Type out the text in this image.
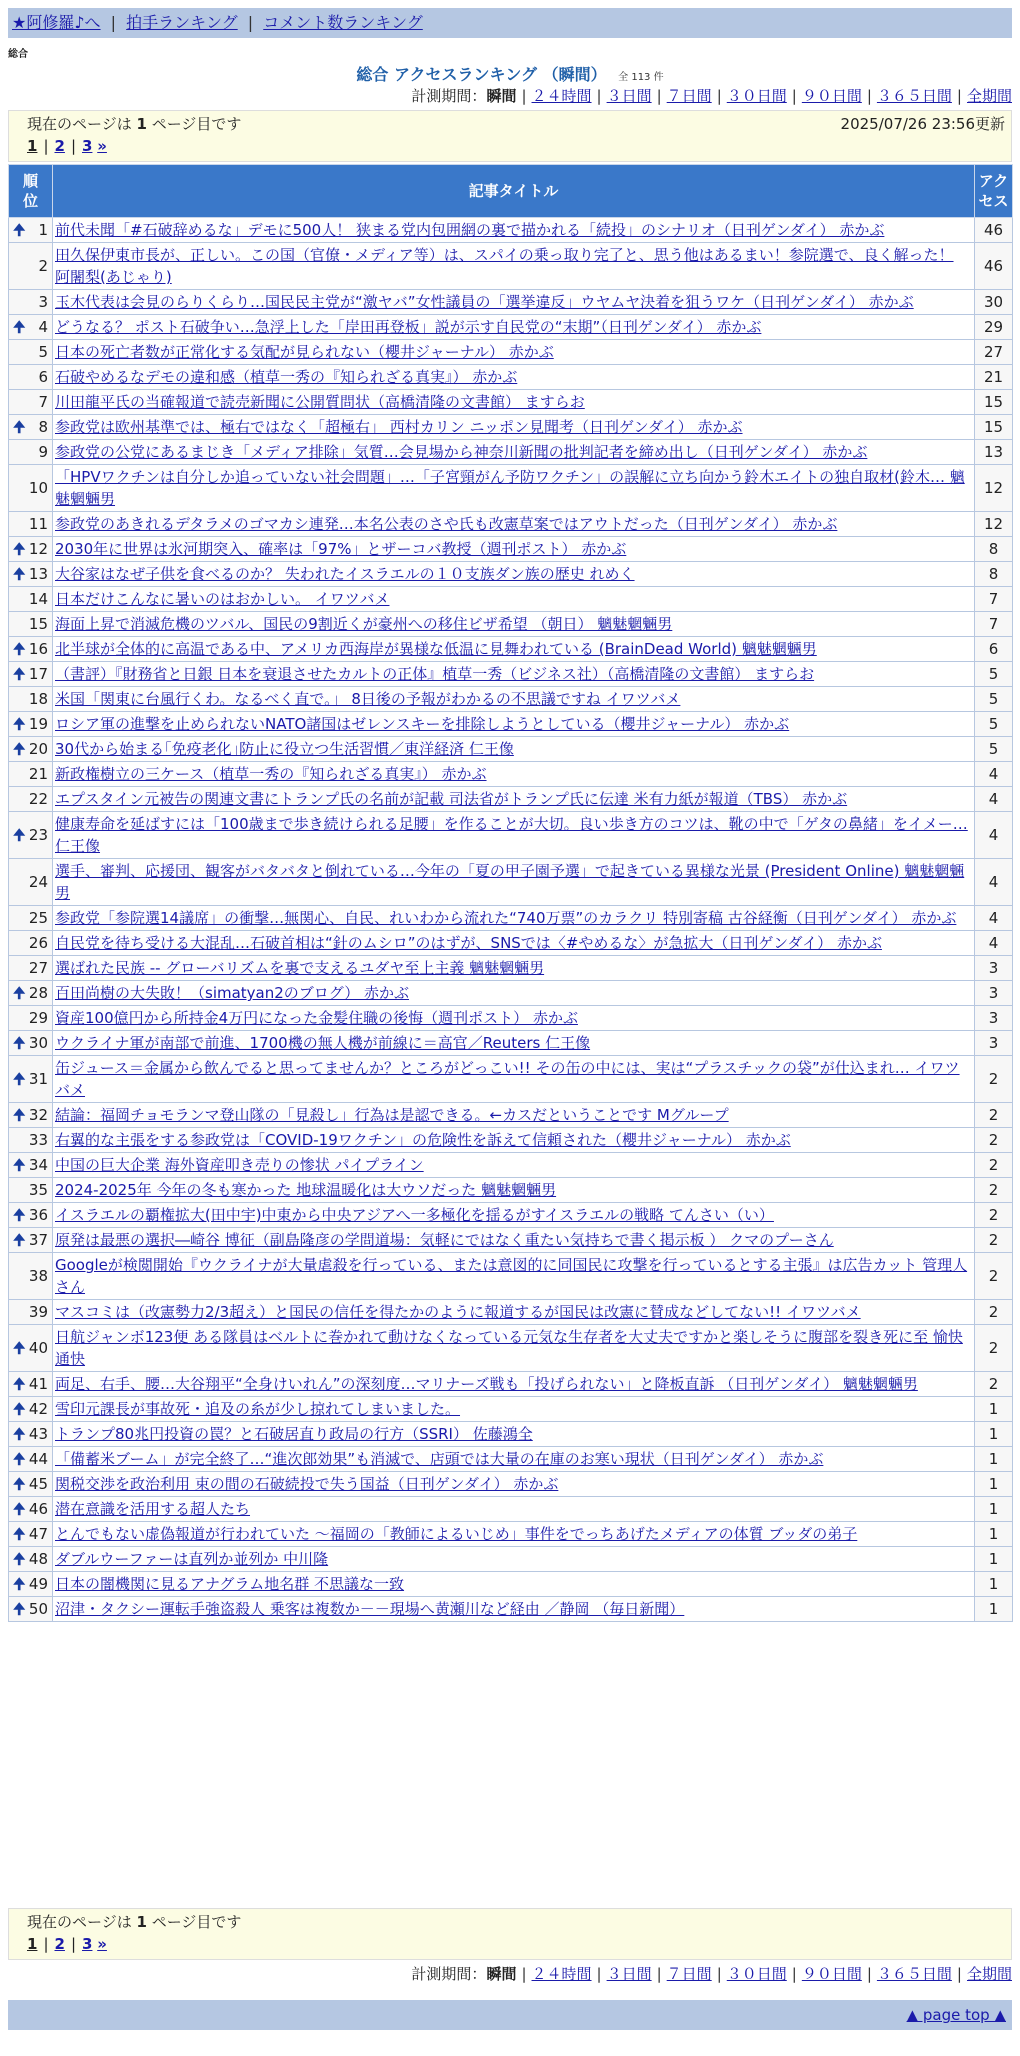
★阿修羅♪へ | 拍手ランキング | コメント数ランキング
総合
総合 アクセスランキング （瞬間） 全 113 件
計測期間：瞬間 | ２４時間 | ３日間 | ７日間 | ３０日間 | ９０日間 | ３６５日間 | 全期間
現在のページは 1 ページ目です	2025/07/26 23:56更新
1 | 2 | 3 »
順位	記事タイトル	アクセス

🠉 1	前代未聞「#石破辞めるな」デモに500人！ 狭まる党内包囲網の裏で描かれる「続投」のシナリオ（日刊ゲンダイ） 赤かぶ	46
2	田久保伊東市長が、正しい。この国（官僚・メディア等）は、スパイの乗っ取り完了と、思う他はあるまい！参院選で、良く解った！ 阿闍梨(あじゃり)	46
3	玉木代表は会見のらりくらり…国民民主党が“激ヤバ”女性議員の「選挙違反」ウヤムヤ決着を狙うワケ（日刊ゲンダイ） 赤かぶ	30

🠉 4	どうなる？ ポスト石破争い…急浮上した「岸田再登板」説が示す自民党の“末期”（日刊ゲンダイ） 赤かぶ	29
5	日本の死亡者数が正常化する気配が見られない（櫻井ジャーナル） 赤かぶ	27
6	石破やめるなデモの違和感（植草一秀の『知られざる真実』） 赤かぶ	21
7	川田龍平氏の当確報道で読売新聞に公開質問状（高橋清隆の文書館） ますらお	15

🠉 8	参政党は欧州基準では、極右ではなく「超極右」 西村カリン ニッポン見聞考（日刊ゲンダイ） 赤かぶ	15
9	参政党の公党にあるまじき「メディア排除」気質…会見場から神奈川新聞の批判記者を締め出し（日刊ゲンダイ） 赤かぶ	13
10	「HPVワクチンは自分しか追っていない社会問題」…「子宮頸がん予防ワクチン」の誤解に立ち向かう鈴木エイトの独自取材(鈴木… 魑魅魍魎男	12
11	参政党のあきれるデタラメのゴマカシ連発…本名公表のさや氏も改憲草案ではアウトだった（日刊ゲンダイ） 赤かぶ	12

🠉 12	2030年に世界は氷河期突入、確率は「97%」とザーコバ教授（週刊ポスト） 赤かぶ	8

🠉 13	大谷家はなぜ子供を食べるのか？ 失われたイスラエルの１０支族ダン族の歴史 れめく	8
14	日本だけこんなに暑いのはおかしい。 イワツバメ	7
15	海面上昇で消滅危機のツバル、国民の9割近くが豪州への移住ビザ希望 （朝日） 魑魅魍魎男	7

🠉 16	北半球が全体的に高温である中、アメリカ西海岸が異様な低温に見舞われている (BrainDead World) 魑魅魍魎男	6

🠉 17	（書評）『財務省と日銀 日本を衰退させたカルトの正体』植草一秀（ビジネス社）（高橋清隆の文書館） ますらお	5
18	米国「関東に台風行くわ。なるべく直で。」 8日後の予報がわかるの不思議ですね イワツバメ	5

🠉 19	ロシア軍の進撃を止められないNATO諸国はゼレンスキーを排除しようとしている（櫻井ジャーナル） 赤かぶ	5

🠉 20	30代から始まる｢免疫老化｣防止に役立つ生活習慣／東洋経済 仁王像	5
21	新政権樹立の三ケース（植草一秀の『知られざる真実』） 赤かぶ	4
22	エプスタイン元被告の関連文書にトランプ氏の名前が記載 司法省がトランプ氏に伝達 米有力紙が報道（TBS） 赤かぶ	4

🠉 23	健康寿命を延ばすには「100歳まで歩き続けられる足腰」を作ることが大切。良い歩き方のコツは、靴の中で「ゲタの鼻緒」をイメー… 仁王像	4
24	選手、審判、応援団、観客がバタバタと倒れている…今年の「夏の甲子園予選」で起きている異様な光景 (President Online) 魑魅魍魎男	4
25	参政党「参院選14議席」の衝撃…無関心、自民、れいわから流れた“740万票”のカラクリ 特別寄稿 古谷経衡（日刊ゲンダイ） 赤かぶ	4
26	自民党を待ち受ける大混乱…石破首相は“針のムシロ”のはずが、SNSでは〈#やめるな〉が急拡大（日刊ゲンダイ） 赤かぶ	4
27	選ばれた民族 -- グローバリズムを裏で支えるユダヤ至上主義 魑魅魍魎男	3

🠉 28	百田尚樹の大失敗！（simatyan2のブログ） 赤かぶ	3
29	資産100億円から所持金4万円になった金髪住職の後悔（週刊ポスト） 赤かぶ	3

🠉 30	ウクライナ軍が南部で前進、1700機の無人機が前線に＝高官／Reuters 仁王像	3

🠉 31	缶ジュース＝金属から飲んでると思ってませんか？ところがどっこい!! その缶の中には、実は“プラスチックの袋”が仕込まれ… イワツバメ	2

🠉 32	結論：福岡チョモランマ登山隊の「見殺し」行為は是認できる。←カスだということです Mグループ	2
33	右翼的な主張をする参政党は「COVID-19ワクチン」の危険性を訴えて信頼された（櫻井ジャーナル） 赤かぶ	2

🠉 34	中国の巨大企業 海外資産叩き売りの惨状 パイプライン	2
35	2024-2025年 今年の冬も寒かった 地球温暖化は大ウソだった 魑魅魍魎男	2

🠉 36	イスラエルの覇権拡大(田中宇)中東から中央アジアへ一多極化を揺るがすイスラエルの戦略 てんさい（い）	2

🠉 37	原発は最悪の選択―崎谷 博征（副島隆彦の学問道場：気軽にではなく重たい気持ちで書く掲示板 ） クマのプーさん	2
38	Googleが検閲開始『ウクライナが大量虐殺を行っている、または意図的に同国民に攻撃を行っているとする主張』は広告カット 管理人さん	2
39	マスコミは（改憲勢力2/3超え）と国民の信任を得たかのように報道するが国民は改憲に賛成などしてない!! イワツバメ	2

🠉 40	日航ジャンボ123便 ある隊員はベルトに巻かれて動けなくなっている元気な生存者を大丈夫ですかと楽しそうに腹部を裂き死に至 愉快通快	2

🠉 41	両足、右手、腰…大谷翔平“全身けいれん”の深刻度…マリナーズ戦も「投げられない」と降板直訴 （日刊ゲンダイ） 魑魅魍魎男	2

🠉 42	雪印元課長が事故死・追及の糸が少し掠れてしまいました。	1

🠉 43	トランプ80兆円投資の罠？と石破居直り政局の行方（SSRI） 佐藤鴻全	1

🠉 44	「備蓄米ブーム」が完全終了…“進次郎効果”も消滅で、店頭では大量の在庫のお寒い現状（日刊ゲンダイ） 赤かぶ	1

🠉 45	関税交渉を政治利用 束の間の石破続投で失う国益（日刊ゲンダイ） 赤かぶ	1

🠉 46	潜在意識を活用する超人たち	1

🠉 47	とんでもない虚偽報道が行われていた ～福岡の「教師によるいじめ」事件をでっちあげたメディアの体質 ブッダの弟子	1

🠉 48	ダブルウーファーは直列か並列か 中川隆	1

🠉 49	日本の闇機関に見るアナグラム地名群 不思議な一致	1

🠉 50	沼津・タクシー運転手強盗殺人 乗客は複数か－－現場へ黄瀬川など経由 ／静岡 （毎日新聞）	1
現在のページは 1 ページ目です
1 | 2 | 3 »
計測期間：瞬間 | ２４時間 | ３日間 | ７日間 | ３０日間 | ９０日間 | ３６５日間 | 全期間
▲ page top ▲
